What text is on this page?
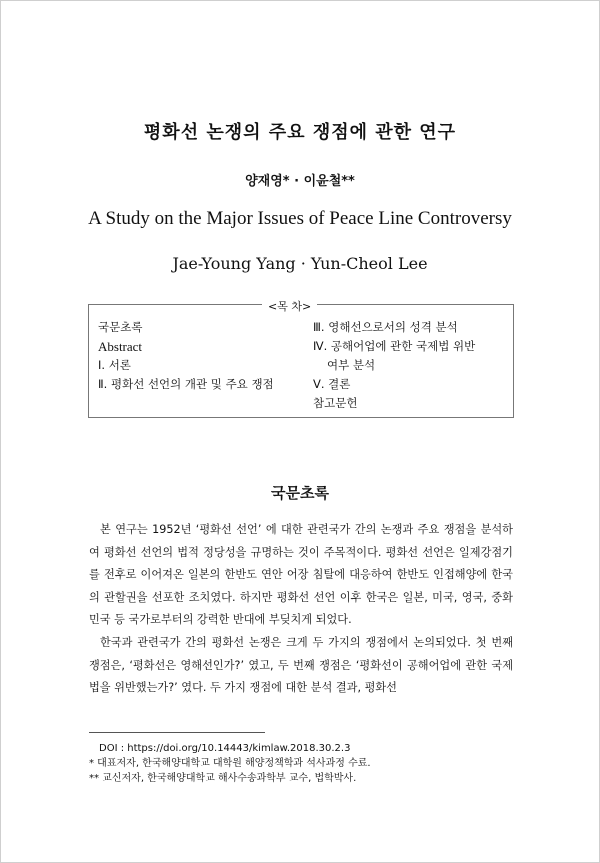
평화선 논쟁의 주요 쟁점에 관한 연구
양재영* · 이윤철**
A Study on the Major Issues of Peace Line Controversy
Jae-Young Yang · Yun-Cheol Lee
<목 차>
국문초록
Abstract
Ⅰ. 서론
Ⅱ. 평화선 선언의 개관 및 주요 쟁점
Ⅲ. 영해선으로서의 성격 분석
Ⅳ. 공해어업에 관한 국제법 위반
여부 분석
Ⅴ. 결론
참고문헌
국문초록

본 연구는 1952년 ‘평화선 선언’ 에 대한 관련국가 간의 논쟁과 주요 쟁점을 분석하여 평화선 선언의 법적 정당성을 규명하는 것이 주목적이다. 평화선 선언은 일제강점기를 전후로 이어져온 일본의 한반도 연안 어장 침탈에 대응하여 한반도 인접해양에 한국의 관할권을 선포한 조치였다. 하지만 평화선 선언 이후 한국은 일본, 미국, 영국, 중화민국 등 국가로부터의 강력한 반대에 부딪치게 되었다.

한국과 관련국가 간의 평화선 논쟁은 크게 두 가지의 쟁점에서 논의되었다. 첫 번째 쟁점은, ‘평화선은 영해선인가?’ 였고, 두 번째 쟁점은 ‘평화선이 공해어업에 관한 국제법을 위반했는가?’ 였다. 두 가지 쟁점에 대한 분석 결과, 평화선

DOI : https://doi.org/10.14443/kimlaw.2018.30.2.3
* 대표저자, 한국해양대학교 대학원 해양정책학과 석사과정 수료.
** 교신저자, 한국해양대학교 해사수송과학부 교수, 법학박사.
